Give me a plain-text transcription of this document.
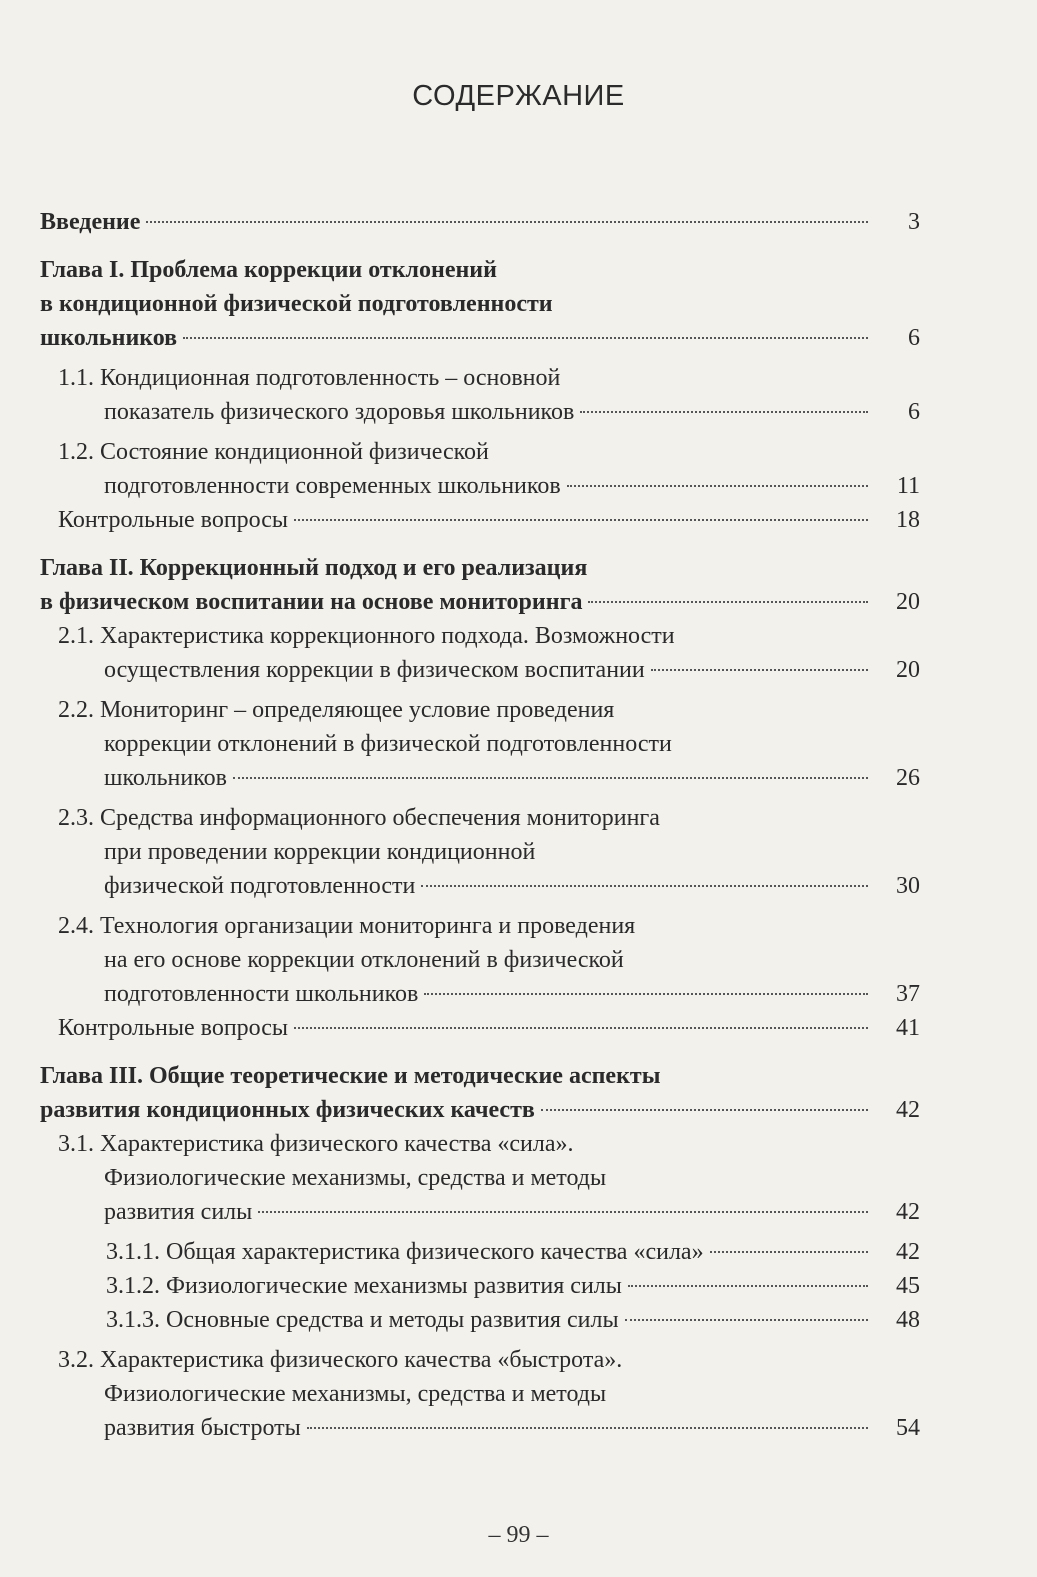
СОДЕРЖАНИЕ
Введение	3
Глава I. Проблема коррекции отклонений
в кондиционной физической подготовленности
школьников	6
1.1. Кондиционная подготовленность – основной
показатель физического здоровья школьников	6
1.2. Состояние кондиционной физической
подготовленности современных школьников	11
Контрольные вопросы	18
Глава II. Коррекционный подход и его реализация
в физическом воспитании на основе мониторинга	20
2.1. Характеристика коррекционного подхода. Возможности
осуществления коррекции в физическом воспитании	20
2.2. Мониторинг – определяющее условие проведения
коррекции отклонений в физической подготовленности
школьников	26
2.3. Средства информационного обеспечения мониторинга
при проведении коррекции кондиционной
физической подготовленности	30
2.4. Технология организации мониторинга и проведения
на его основе коррекции отклонений в физической
подготовленности школьников	37
Контрольные вопросы	41
Глава III. Общие теоретические и методические аспекты
развития кондиционных физических качеств	42
3.1. Характеристика физического качества «сила».
Физиологические механизмы, средства и методы
развития силы	42
3.1.1. Общая характеристика физического качества «сила»	42
3.1.2. Физиологические механизмы развития силы	45
3.1.3. Основные средства и методы развития силы	48
3.2. Характеристика физического качества «быстрота».
Физиологические механизмы, средства и методы
развития быстроты	54
– 99 –
